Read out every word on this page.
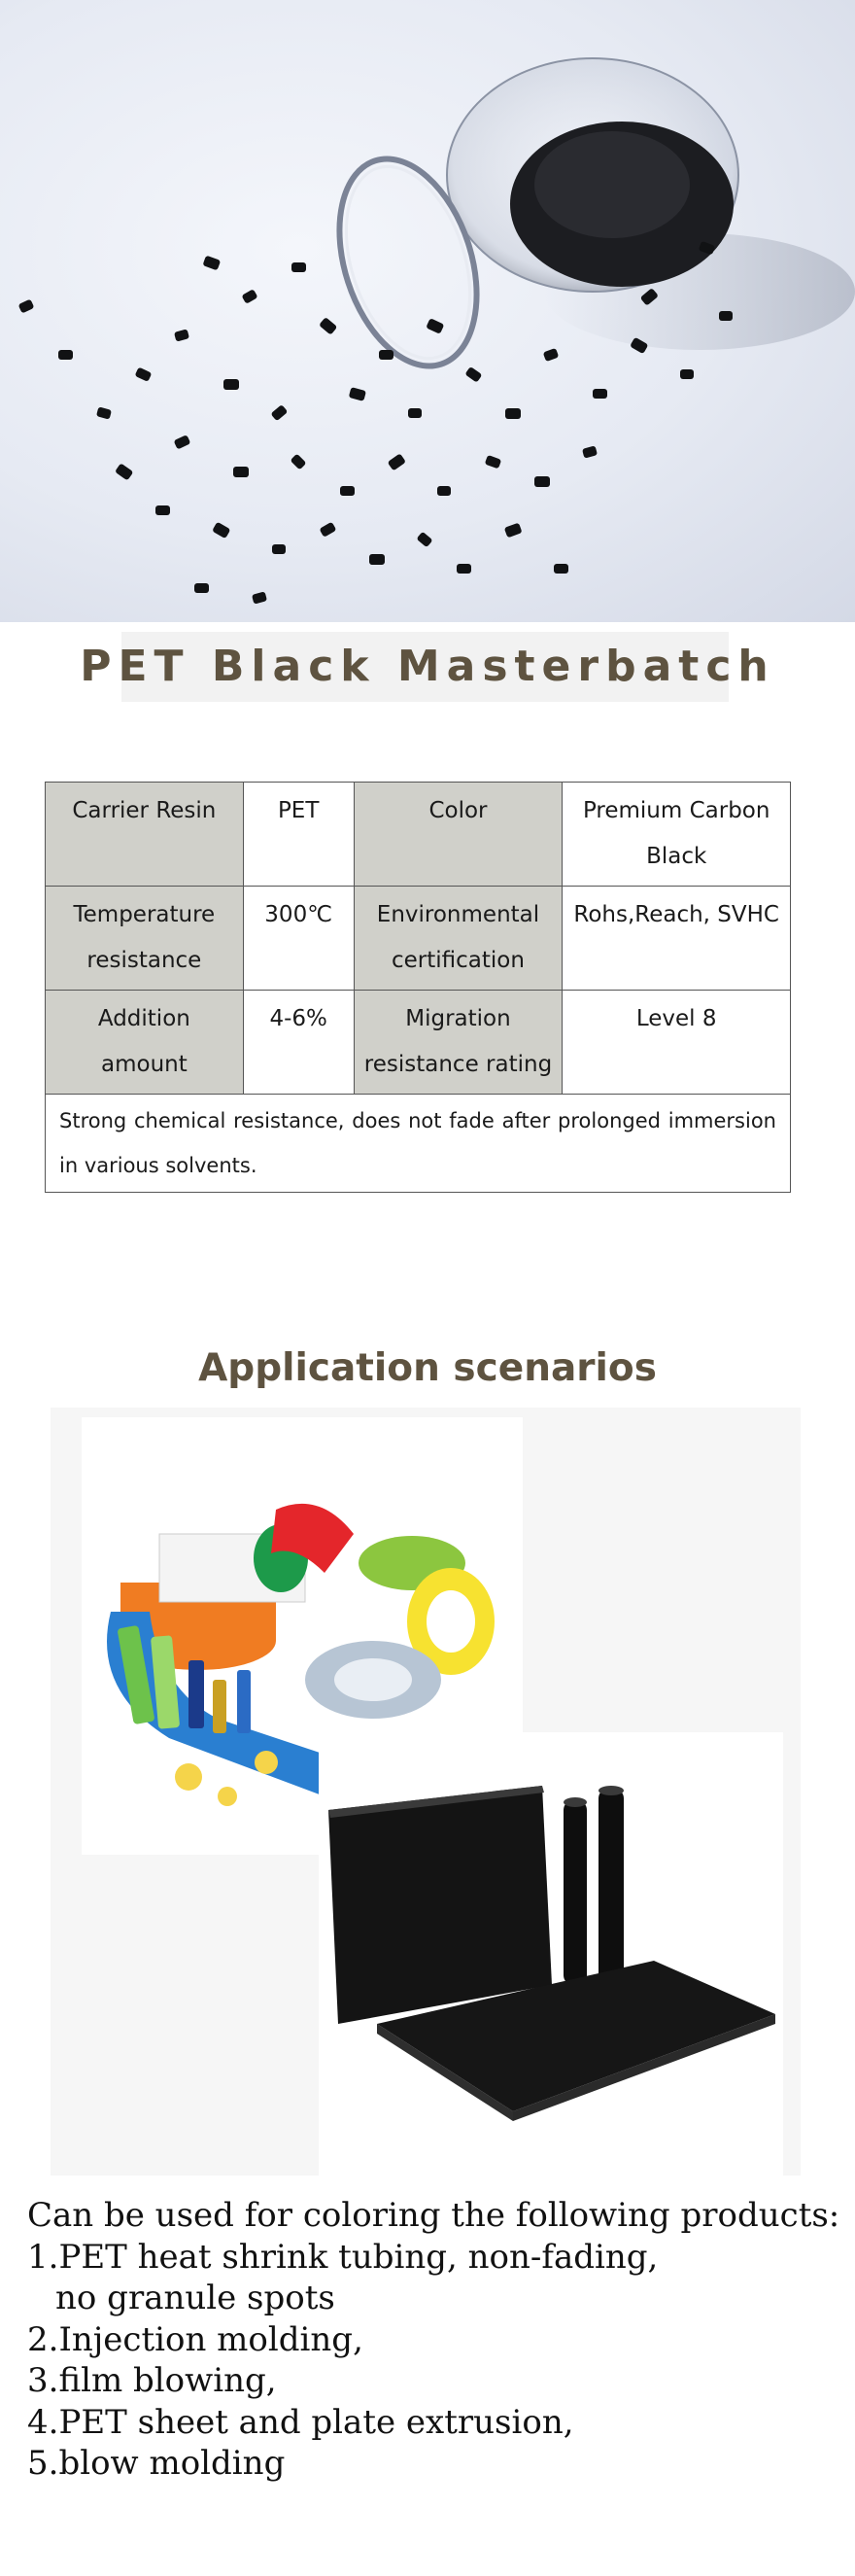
PET Black Masterbatch
Carrier Resin	PET	Color	Premium Carbon Black
Temperature resistance	300℃	Environmental certification	Rohs,Reach, SVHC
Addition amount	4-6%	Migration resistance rating	Level 8
Strong chemical resistance, does not fade after prolonged immersion in various solvents.			
Application scenarios
Can be used for coloring the following products:
1.PET heat shrink tubing, non-fading,
no granule spots
2.Injection molding,
3.film blowing,
4.PET sheet and plate extrusion,
5.blow molding
